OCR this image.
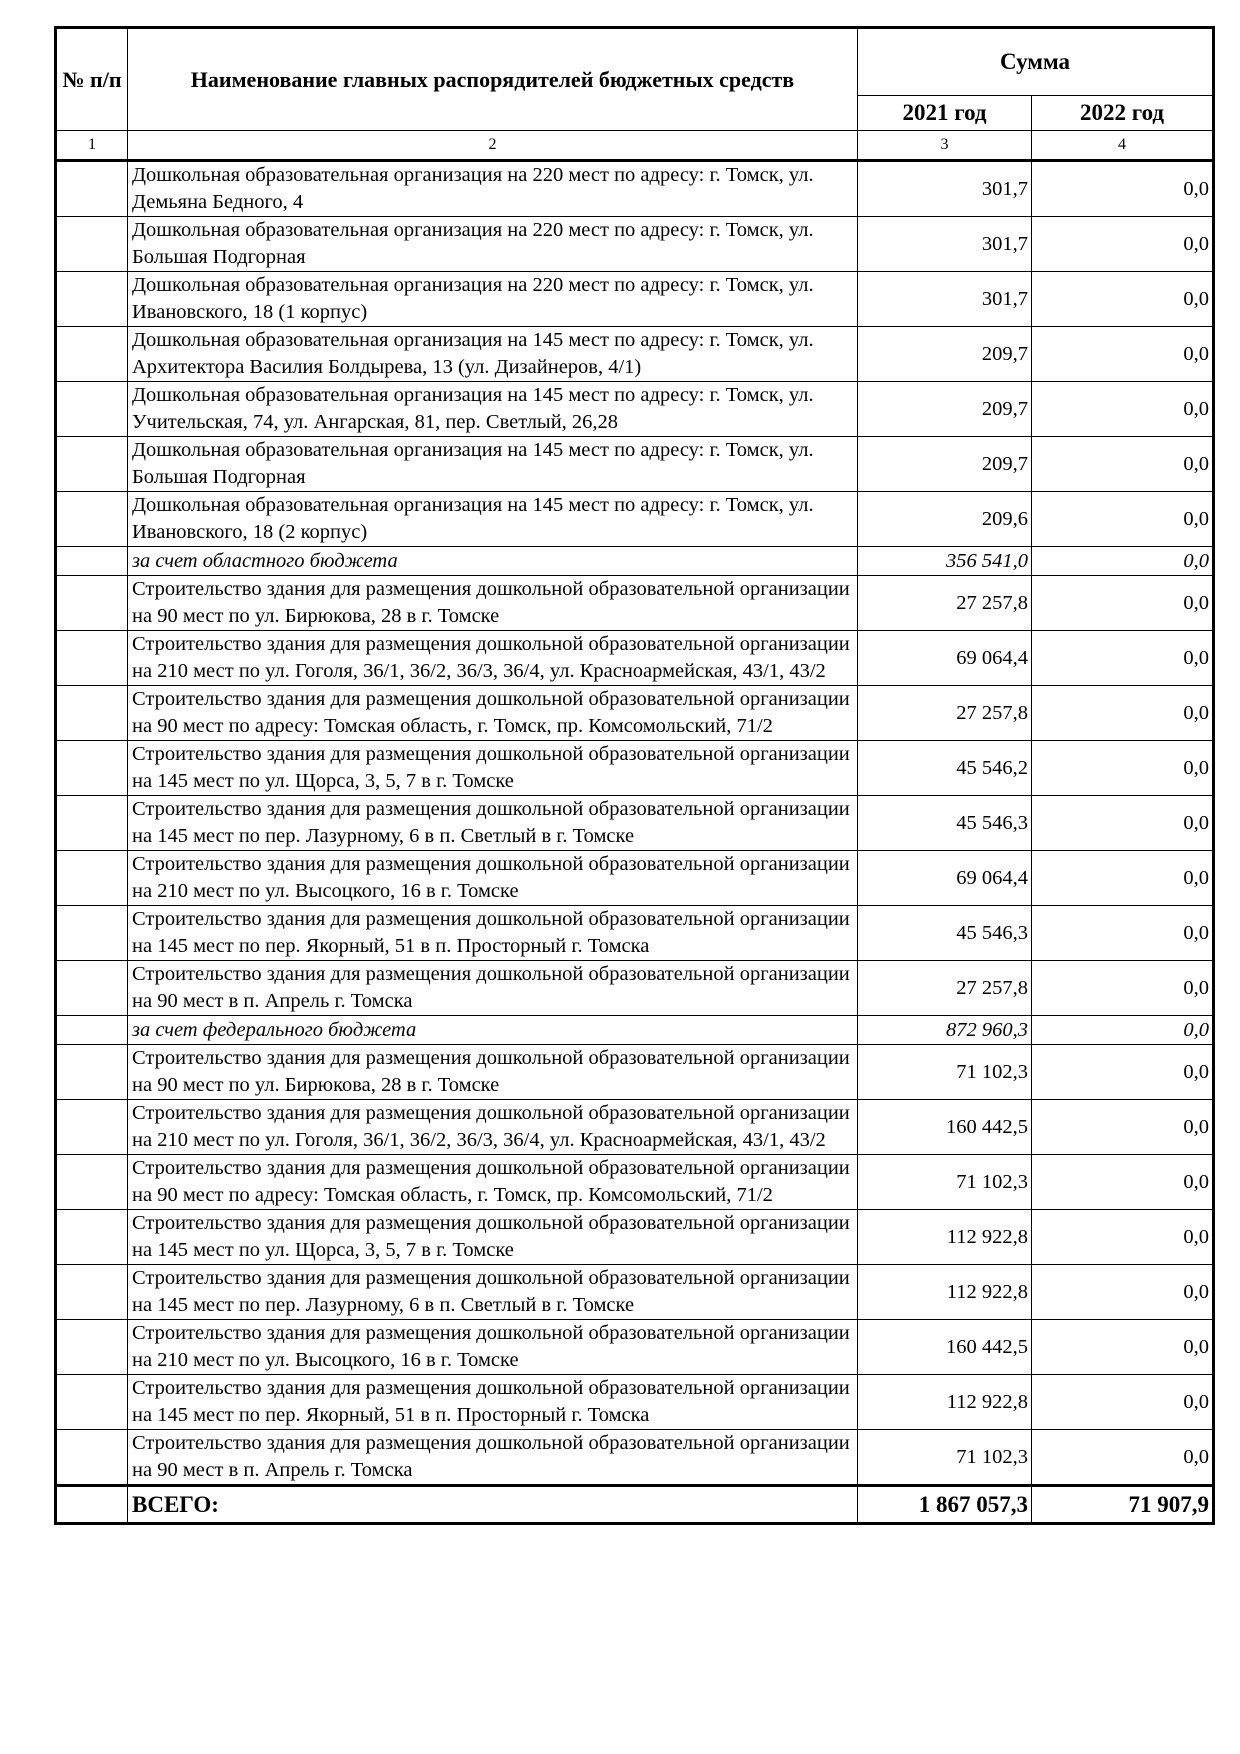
№ п/п	Наименование главных распорядителей бюджетных средств	Сумма	
		2021 год	2022 год
1	2	3	4
	Дошкольная образовательная организация на 220 мест по адресу: г. Томск, ул. Демьяна Бедного, 4	301,7	0,0
	Дошкольная образовательная организация на 220 мест по адресу: г. Томск, ул. Большая Подгорная	301,7	0,0
	Дошкольная образовательная организация на 220 мест по адресу: г. Томск, ул. Ивановского, 18 (1 корпус)	301,7	0,0
	Дошкольная образовательная организация на 145 мест по адресу: г. Томск, ул. Архитектора Василия Болдырева, 13 (ул. Дизайнеров, 4/1)	209,7	0,0
	Дошкольная образовательная организация на 145 мест по адресу: г. Томск, ул. Учительская, 74, ул. Ангарская, 81, пер. Светлый, 26,28	209,7	0,0
	Дошкольная образовательная организация на 145 мест по адресу: г. Томск, ул. Большая Подгорная	209,7	0,0
	Дошкольная образовательная организация на 145 мест по адресу: г. Томск, ул. Ивановского, 18 (2 корпус)	209,6	0,0
	за счет областного бюджета	356 541,0	0,0
	Строительство здания для размещения дошкольной образовательной организации на 90 мест по ул. Бирюкова, 28 в г. Томске	27 257,8	0,0
	Строительство здания для размещения дошкольной образовательной организации на 210 мест по ул. Гоголя, 36/1, 36/2, 36/3, 36/4, ул. Красноармейская, 43/1, 43/2	69 064,4	0,0
	Строительство здания для размещения дошкольной образовательной организации на 90 мест по адресу: Томская область, г. Томск, пр. Комсомольский, 71/2	27 257,8	0,0
	Строительство здания для размещения дошкольной образовательной организации на 145 мест по ул. Щорса, 3, 5, 7 в г. Томске	45 546,2	0,0
	Строительство здания для размещения дошкольной образовательной организации на 145 мест по пер. Лазурному, 6 в п. Светлый в г. Томске	45 546,3	0,0
	Строительство здания для размещения дошкольной образовательной организации на 210 мест по ул. Высоцкого, 16 в г. Томске	69 064,4	0,0
	Строительство здания для размещения дошкольной образовательной организации на 145 мест по пер. Якорный, 51 в п. Просторный г. Томска	45 546,3	0,0
	Строительство здания для размещения дошкольной образовательной организации на 90 мест в п. Апрель г. Томска	27 257,8	0,0
	за счет федерального бюджета	872 960,3	0,0
	Строительство здания для размещения дошкольной образовательной организации на 90 мест по ул. Бирюкова, 28 в г. Томске	71 102,3	0,0
	Строительство здания для размещения дошкольной образовательной организации на 210 мест по ул. Гоголя, 36/1, 36/2, 36/3, 36/4, ул. Красноармейская, 43/1, 43/2	160 442,5	0,0
	Строительство здания для размещения дошкольной образовательной организации на 90 мест по адресу: Томская область, г. Томск, пр. Комсомольский, 71/2	71 102,3	0,0
	Строительство здания для размещения дошкольной образовательной организации на 145 мест по ул. Щорса, 3, 5, 7 в г. Томске	112 922,8	0,0
	Строительство здания для размещения дошкольной образовательной организации на 145 мест по пер. Лазурному, 6 в п. Светлый в г. Томске	112 922,8	0,0
	Строительство здания для размещения дошкольной образовательной организации на 210 мест по ул. Высоцкого, 16 в г. Томске	160 442,5	0,0
	Строительство здания для размещения дошкольной образовательной организации на 145 мест по пер. Якорный, 51 в п. Просторный г. Томска	112 922,8	0,0
	Строительство здания для размещения дошкольной образовательной организации на 90 мест в п. Апрель г. Томска	71 102,3	0,0
	ВСЕГО:	1 867 057,3	71 907,9
